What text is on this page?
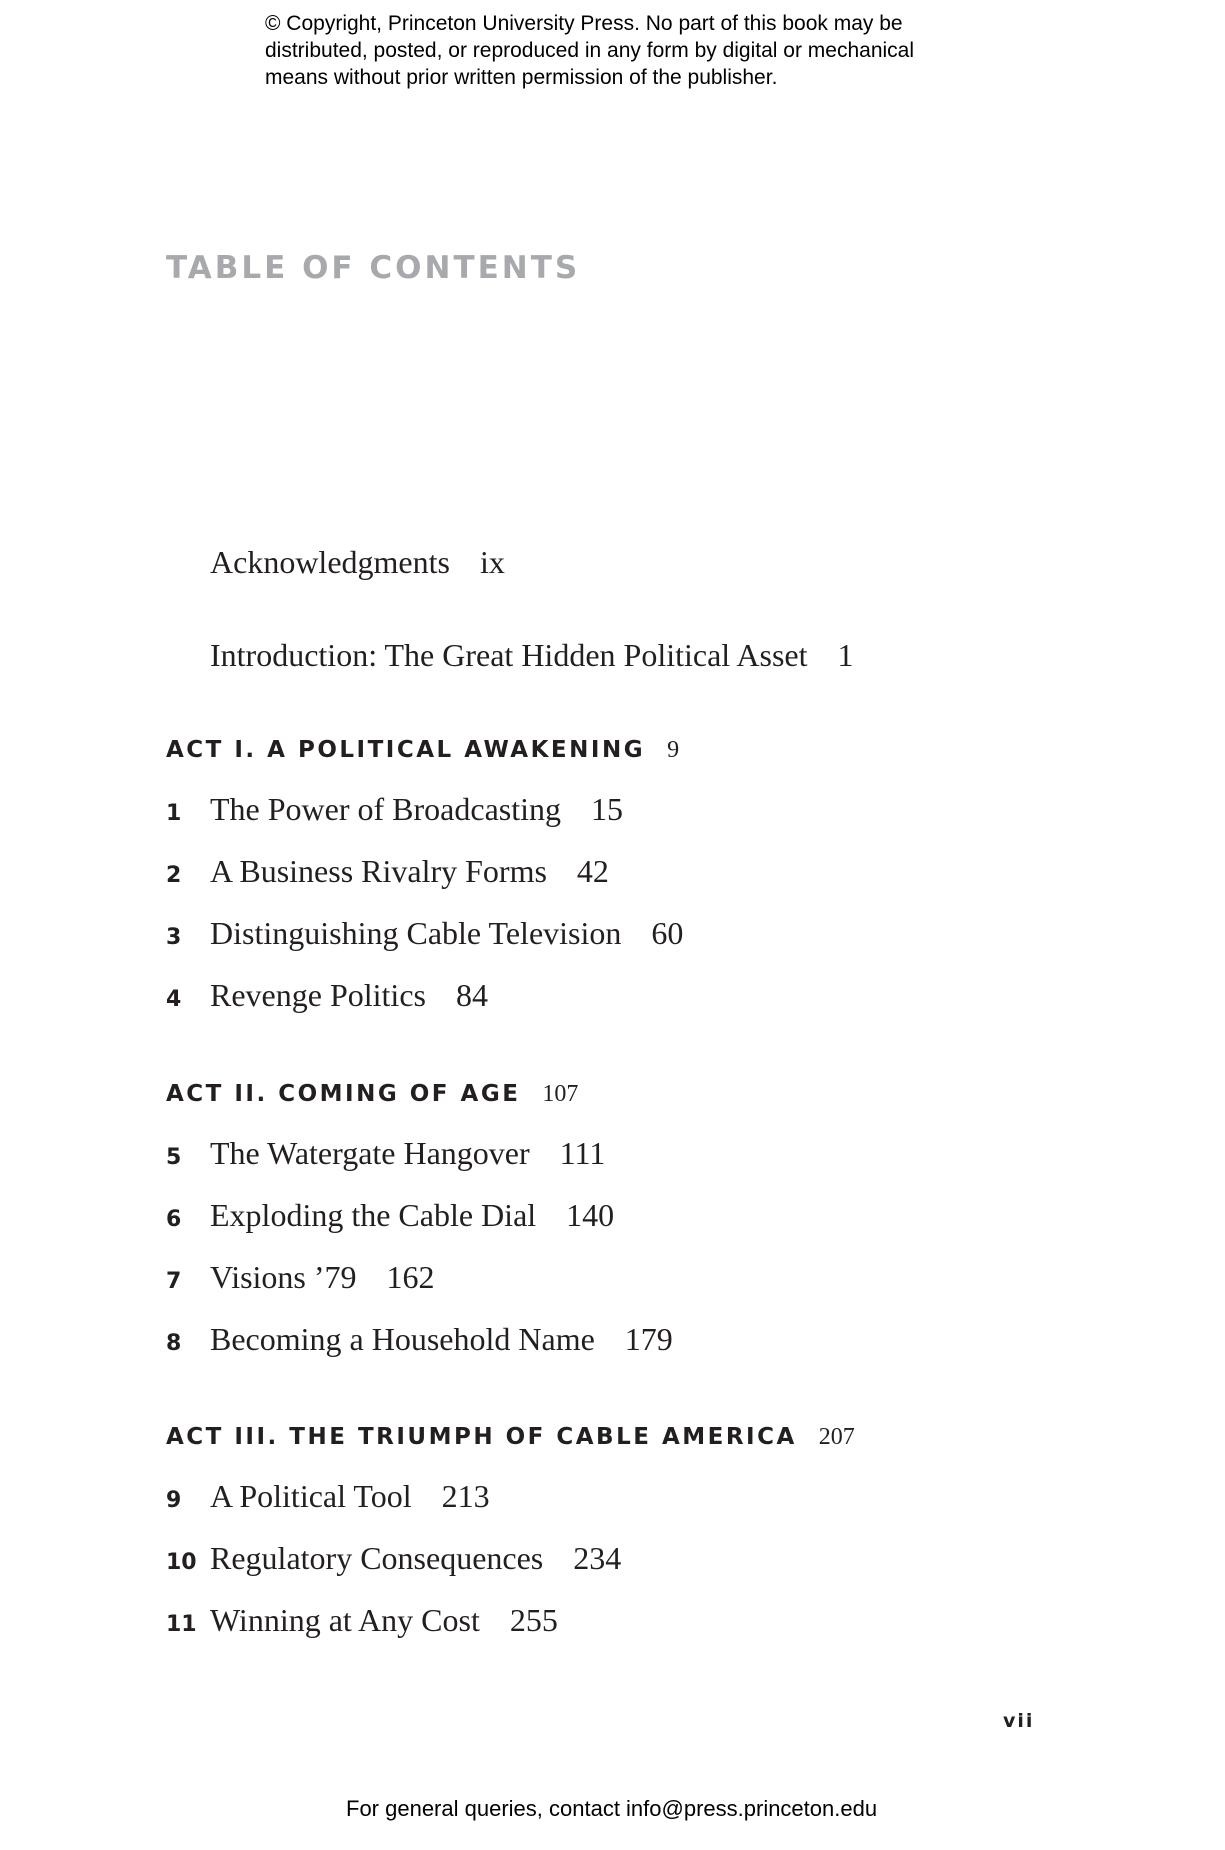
© Copyright, Princeton University Press. No part of this book may be
distributed, posted, or reproduced in any form by digital or mechanical
means without prior written permission of the publisher.
TABLE OF CONTENTS
Acknowledgments ix
Introduction: The Great Hidden Political Asset 1
ACT I. A POLITICAL AWAKENING 9
1 The Power of Broadcasting 15
2 A Business Rivalry Forms 42
3 Distinguishing Cable Television 60
4 Revenge Politics 84
ACT II. COMING OF AGE 107
5 The Watergate Hangover 111
6 Exploding the Cable Dial 140
7 Visions ’79 162
8 Becoming a Household Name 179
ACT III. THE TRIUMPH OF CABLE AMERICA 207
9 A Political Tool 213
10 Regulatory Consequences 234
11 Winning at Any Cost 255
vii
For general queries, contact info@press.princeton.edu
